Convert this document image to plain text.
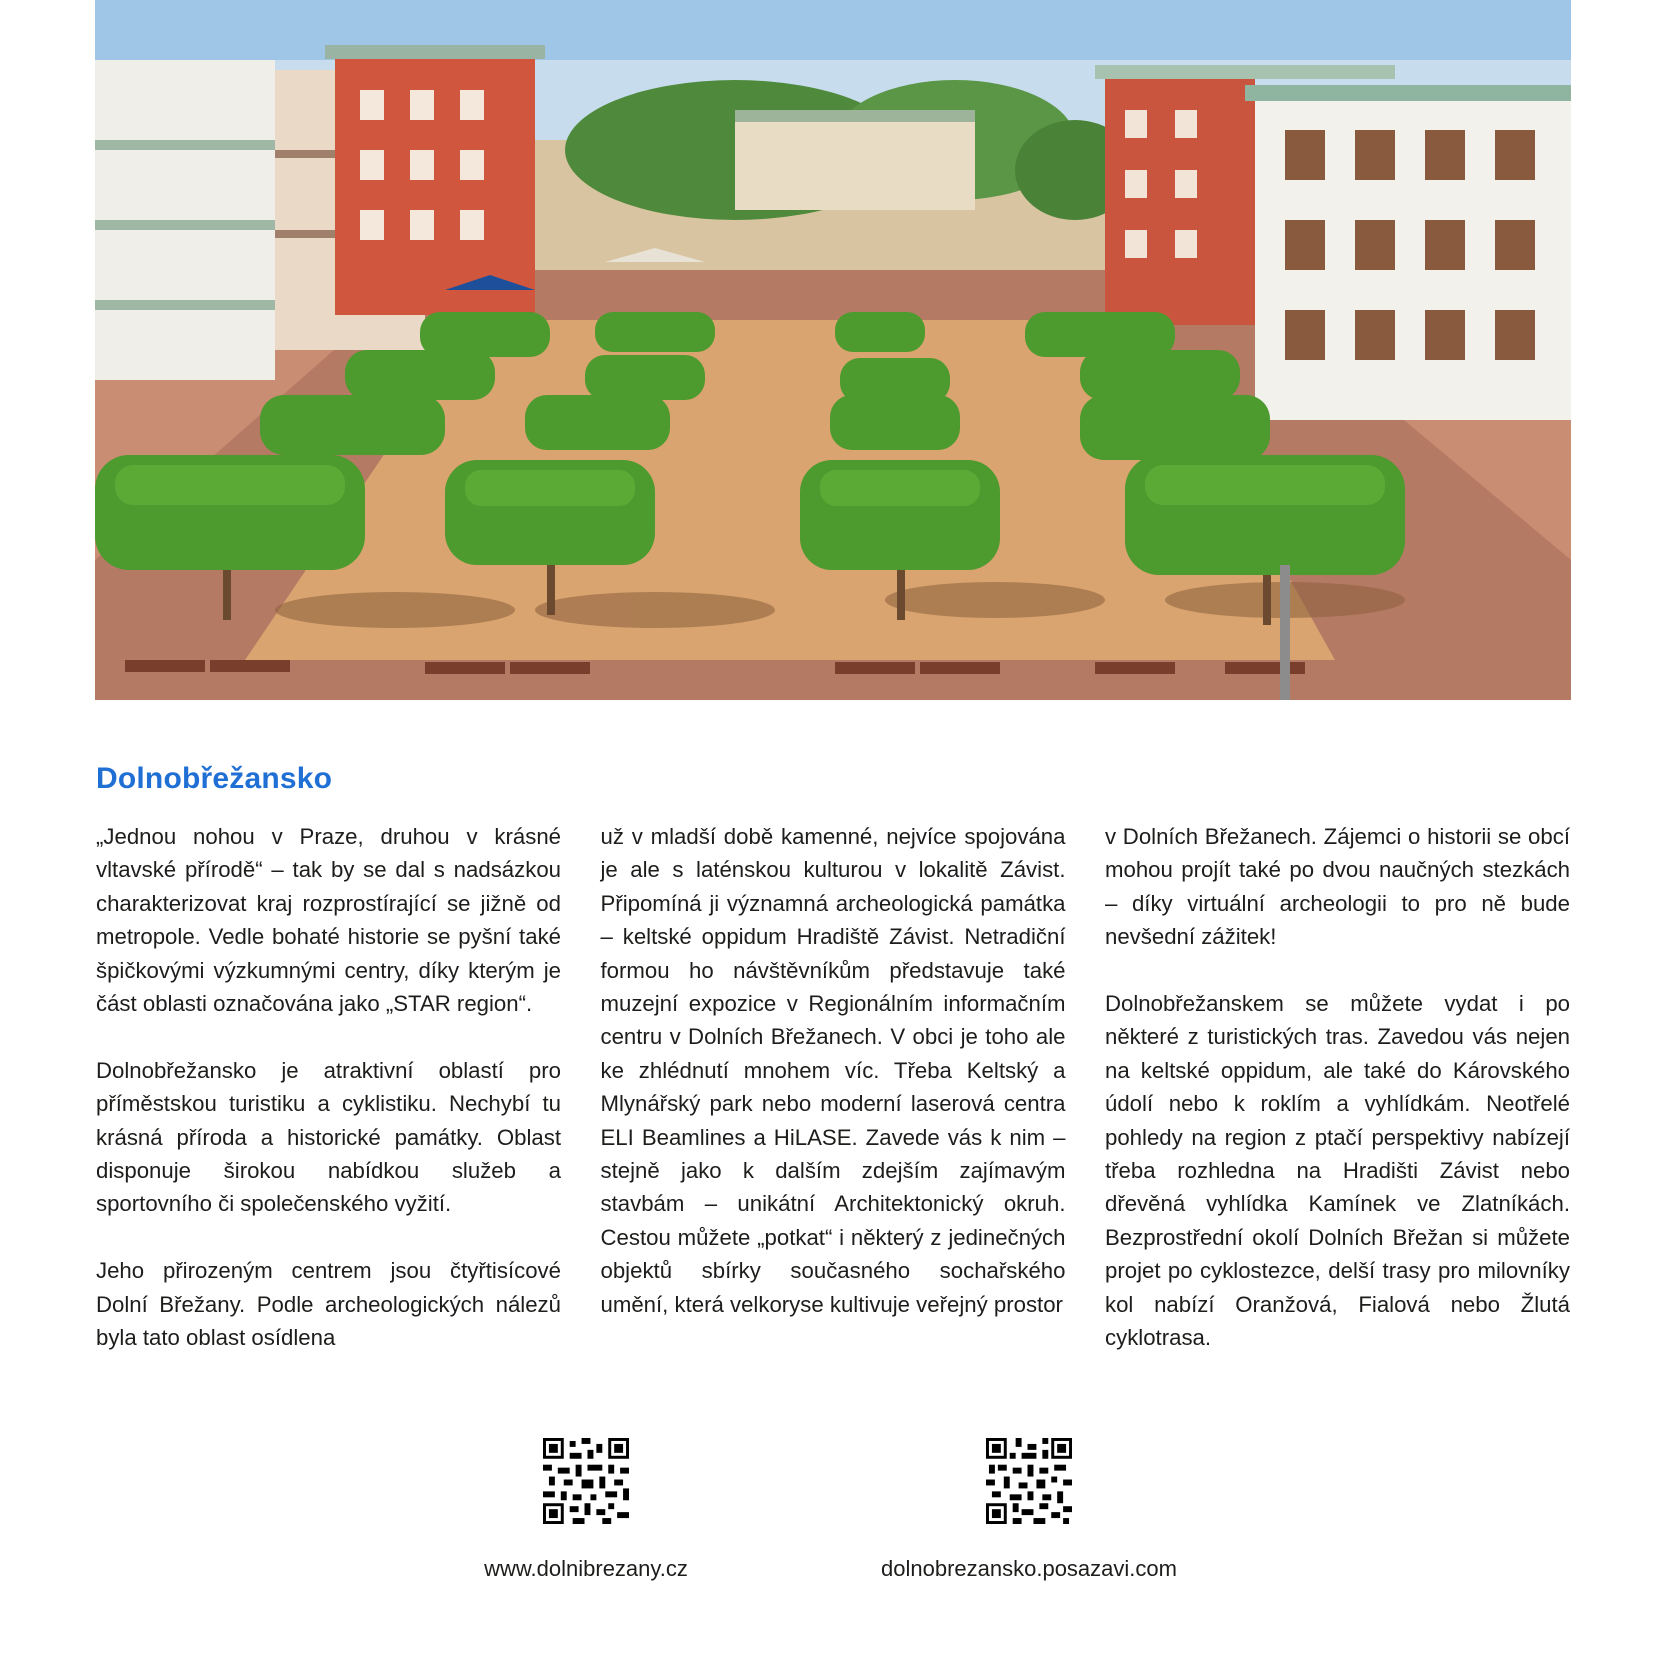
Dolnobřežansko

„Jednou nohou v Praze, druhou v krásné vltavské přírodě“ – tak by se dal s nadsázkou charakterizovat kraj rozprostírající se jižně od metropole. Vedle bohaté historie se pyšní také špičkovými výzkumnými centry, díky kterým je část oblasti označována jako „STAR region“.

Dolnobřežansko je atraktivní oblastí pro příměstskou turistiku a cyklistiku. Nechybí tu krásná příroda a historické památky. Oblast disponuje širokou nabídkou služeb a sportovního či společenského vyžití.

Jeho přirozeným centrem jsou čtyřtisícové Dolní Břežany. Podle archeologických nálezů byla tato oblast osídlena

už v mladší době kamenné, nejvíce spojována je ale s laténskou kulturou v lokalitě Závist. Připomíná ji významná archeologická památka – keltské oppidum Hradiště Závist. Netradiční formou ho návštěvníkům představuje také muzejní expozice v Regionálním informačním centru v Dolních Břežanech. V obci je toho ale ke zhlédnutí mnohem víc. Třeba Keltský a Mlynářský park nebo moderní laserová centra ELI Beamlines a HiLASE. Zavede vás k nim – stejně jako k dalším zdejším zajímavým stavbám – unikátní Architektonický okruh. Cestou můžete „potkat“ i některý z jedinečných objektů sbírky současného sochařského umění, která velkoryse kultivuje veřejný prostor

v Dolních Břežanech. Zájemci o historii se obcí mohou projít také po dvou naučných stezkách – díky virtuální archeologii to pro ně bude nevšední zážitek!

Dolnobřežanskem se můžete vydat i po některé z turistických tras. Zavedou vás nejen na keltské oppidum, ale také do Károvského údolí nebo k roklím a vyhlídkám. Neotřelé pohledy na region z ptačí perspektivy nabízejí třeba rozhledna na Hradišti Závist nebo dřevěná vyhlídka Kamínek ve Zlatníkách. Bezprostřední okolí Dolních Břežan si můžete projet po cyklostezce, delší trasy pro milovníky kol nabízí Oranžová, Fialová nebo Žlutá cyklotrasa.

www.dolnibrezany.cz	dolnobrezansko.posazavi.com
